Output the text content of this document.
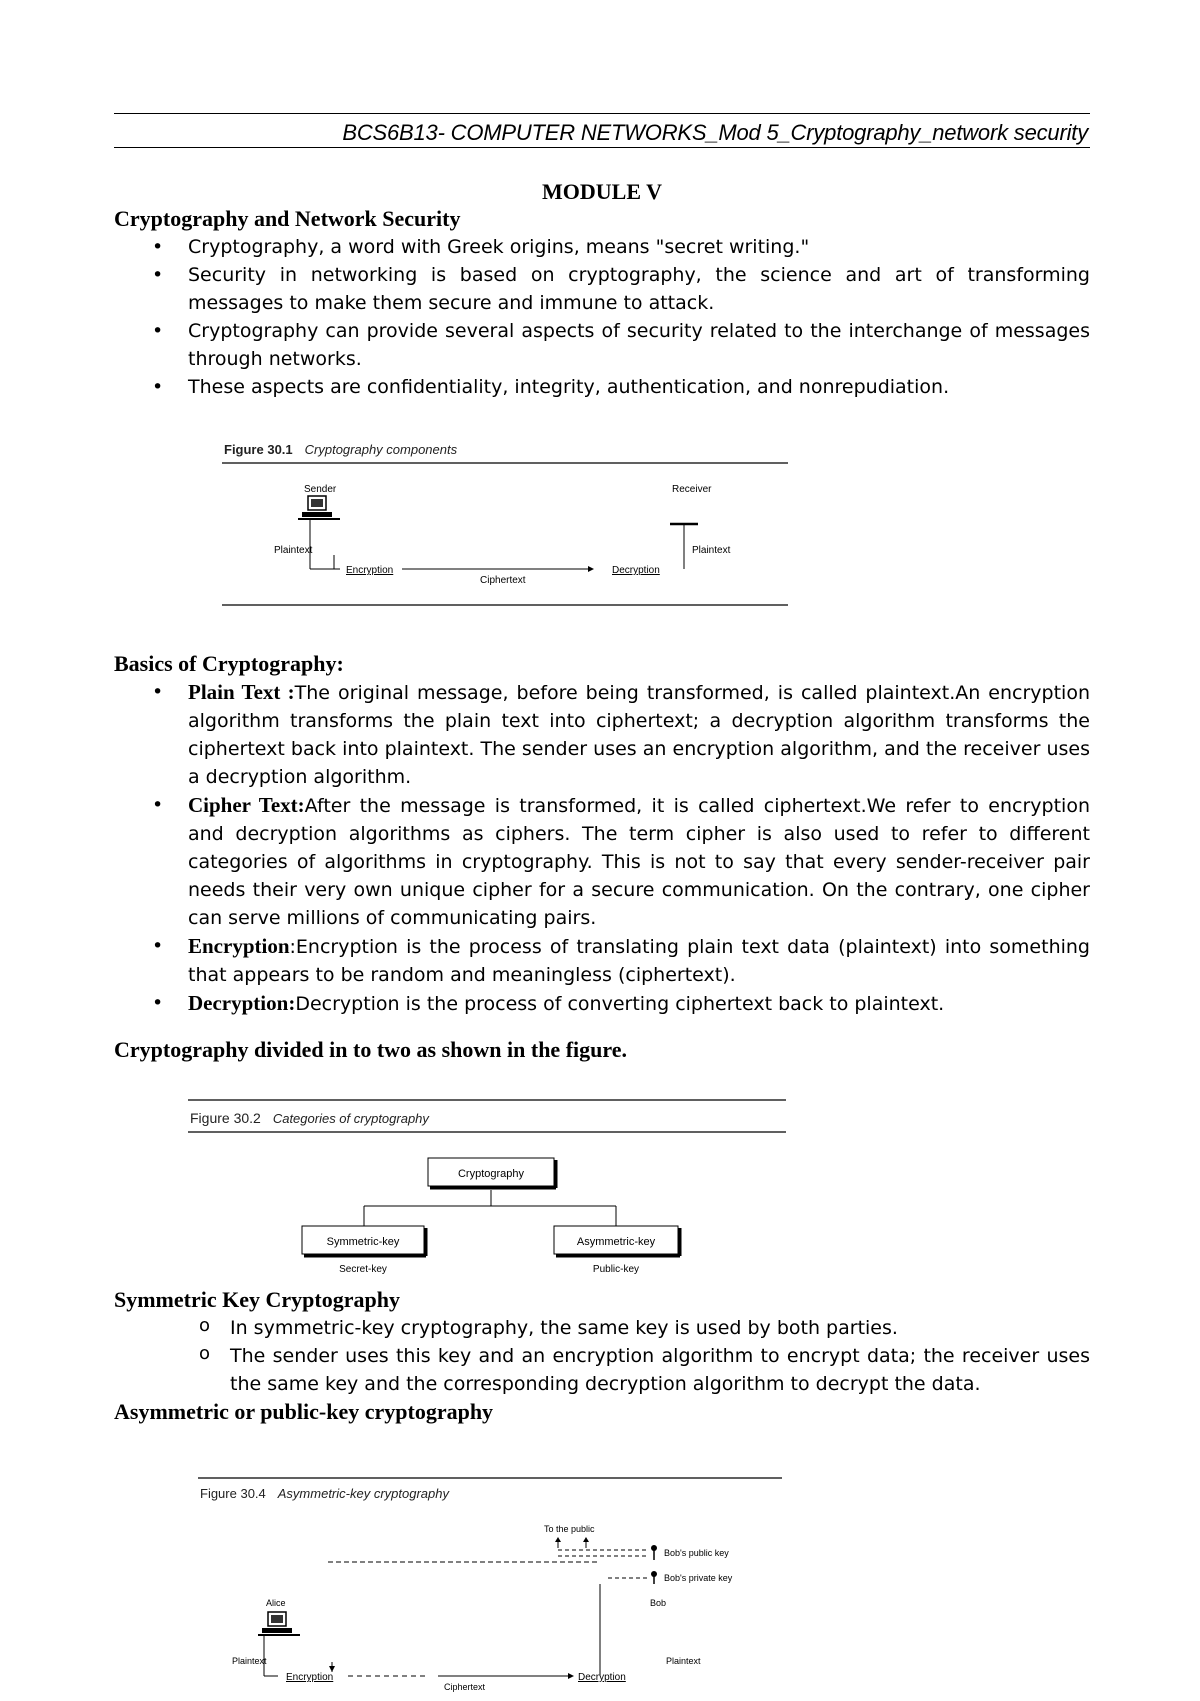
BCS6B13- COMPUTER NETWORKS_Mod 5_Cryptography_network security

MODULE V

Cryptography and Network Security
• Cryptography, a word with Greek origins, means "secret writing."
• Security in networking is based on cryptography, the science and art of transforming messages to make them secure and immune to attack.
• Cryptography can provide several aspects of security related to the interchange of messages through networks.
• These aspects are confidentiality, integrity, authentication, and nonrepudiation.
Figure 30.1 Cryptography components
Sender
Plaintext
Encryption
Ciphertext
Decryption
Receiver
Plaintext
Basics of Cryptography:
• Plain Text :The original message, before being transformed, is called plaintext.An encryption algorithm transforms the plain text into ciphertext; a decryption algorithm transforms the ciphertext back into plaintext. The sender uses an encryption algorithm, and the receiver uses a decryption algorithm.
• Cipher Text:After the message is transformed, it is called ciphertext.We refer to encryption and decryption algorithms as ciphers. The term cipher is also used to refer to different categories of algorithms in cryptography. This is not to say that every sender-receiver pair needs their very own unique cipher for a secure communication. On the contrary, one cipher can serve millions of communicating pairs.
• Encryption:Encryption is the process of translating plain text data (plaintext) into something that appears to be random and meaningless (ciphertext).
• Decryption:Decryption is the process of converting ciphertext back to plaintext.
Cryptography divided in to two as shown in the figure.
Cryptography
Symmetric-key
Secret-key
Asymmetric-key
Public-key
Figure 30.2 Categories of cryptography
Symmetric Key Cryptography
o In symmetric-key cryptography, the same key is used by both parties.
o The sender uses this key and an encryption algorithm to encrypt data; the receiver uses the same key and the corresponding decryption algorithm to decrypt the data.
Asymmetric or public-key cryptography
To the public
Bob's public key
Bob's private key
Bob
Alice
Plaintext
Encryption
Ciphertext
Decryption
Plaintext
Figure 30.4 Asymmetric-key cryptography
